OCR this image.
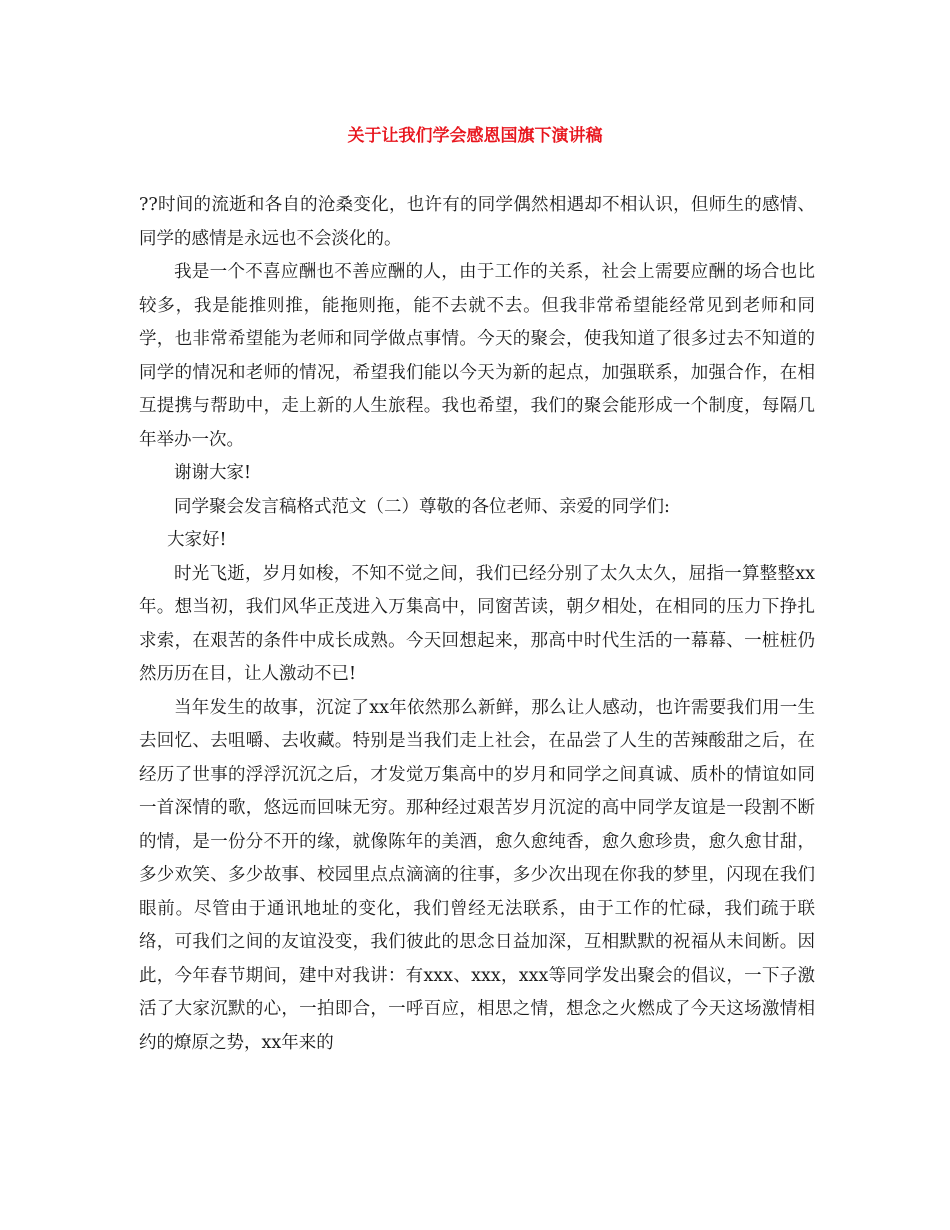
关于让我们学会感恩国旗下演讲稿

??时间的流逝和各自的沧桑变化，也许有的同学偶然相遇却不相认识，但师生的感情、同学的感情是永远也不会淡化的。

我是一个不喜应酬也不善应酬的人，由于工作的关系，社会上需要应酬的场合也比较多，我是能推则推，能拖则拖，能不去就不去。但我非常希望能经常见到老师和同学，也非常希望能为老师和同学做点事情。今天的聚会，使我知道了很多过去不知道的同学的情况和老师的情况，希望我们能以今天为新的起点，加强联系，加强合作，在相互提携与帮助中，走上新的人生旅程。我也希望，我们的聚会能形成一个制度，每隔几年举办一次。

谢谢大家!

同学聚会发言稿格式范文（二）尊敬的各位老师、亲爱的同学们:

大家好!

时光飞逝，岁月如梭，不知不觉之间，我们已经分别了太久太久，屈指一算整整xx年。想当初，我们风华正茂进入万集高中，同窗苦读，朝夕相处，在相同的压力下挣扎求索，在艰苦的条件中成长成熟。今天回想起来，那高中时代生活的一幕幕、一桩桩仍然历历在目，让人激动不已!

当年发生的故事，沉淀了xx年依然那么新鲜，那么让人感动，也许需要我们用一生去回忆、去咀嚼、去收藏。特别是当我们走上社会，在品尝了人生的苦辣酸甜之后，在经历了世事的浮浮沉沉之后，才发觉万集高中的岁月和同学之间真诚、质朴的情谊如同一首深情的歌，悠远而回味无穷。那种经过艰苦岁月沉淀的高中同学友谊是一段割不断的情，是一份分不开的缘，就像陈年的美酒，愈久愈纯香，愈久愈珍贵，愈久愈甘甜，多少欢笑、多少故事、校园里点点滴滴的往事，多少次出现在你我的梦里，闪现在我们眼前。尽管由于通讯地址的变化，我们曾经无法联系，由于工作的忙碌，我们疏于联络，可我们之间的友谊没变，我们彼此的思念日益加深，互相默默的祝福从未间断。因此，今年春节期间，建中对我讲：有xxx、xxx，xxx等同学发出聚会的倡议，一下子激活了大家沉默的心，一拍即合，一呼百应，相思之情，想念之火燃成了今天这场激情相约的燎原之势，xx年来的
